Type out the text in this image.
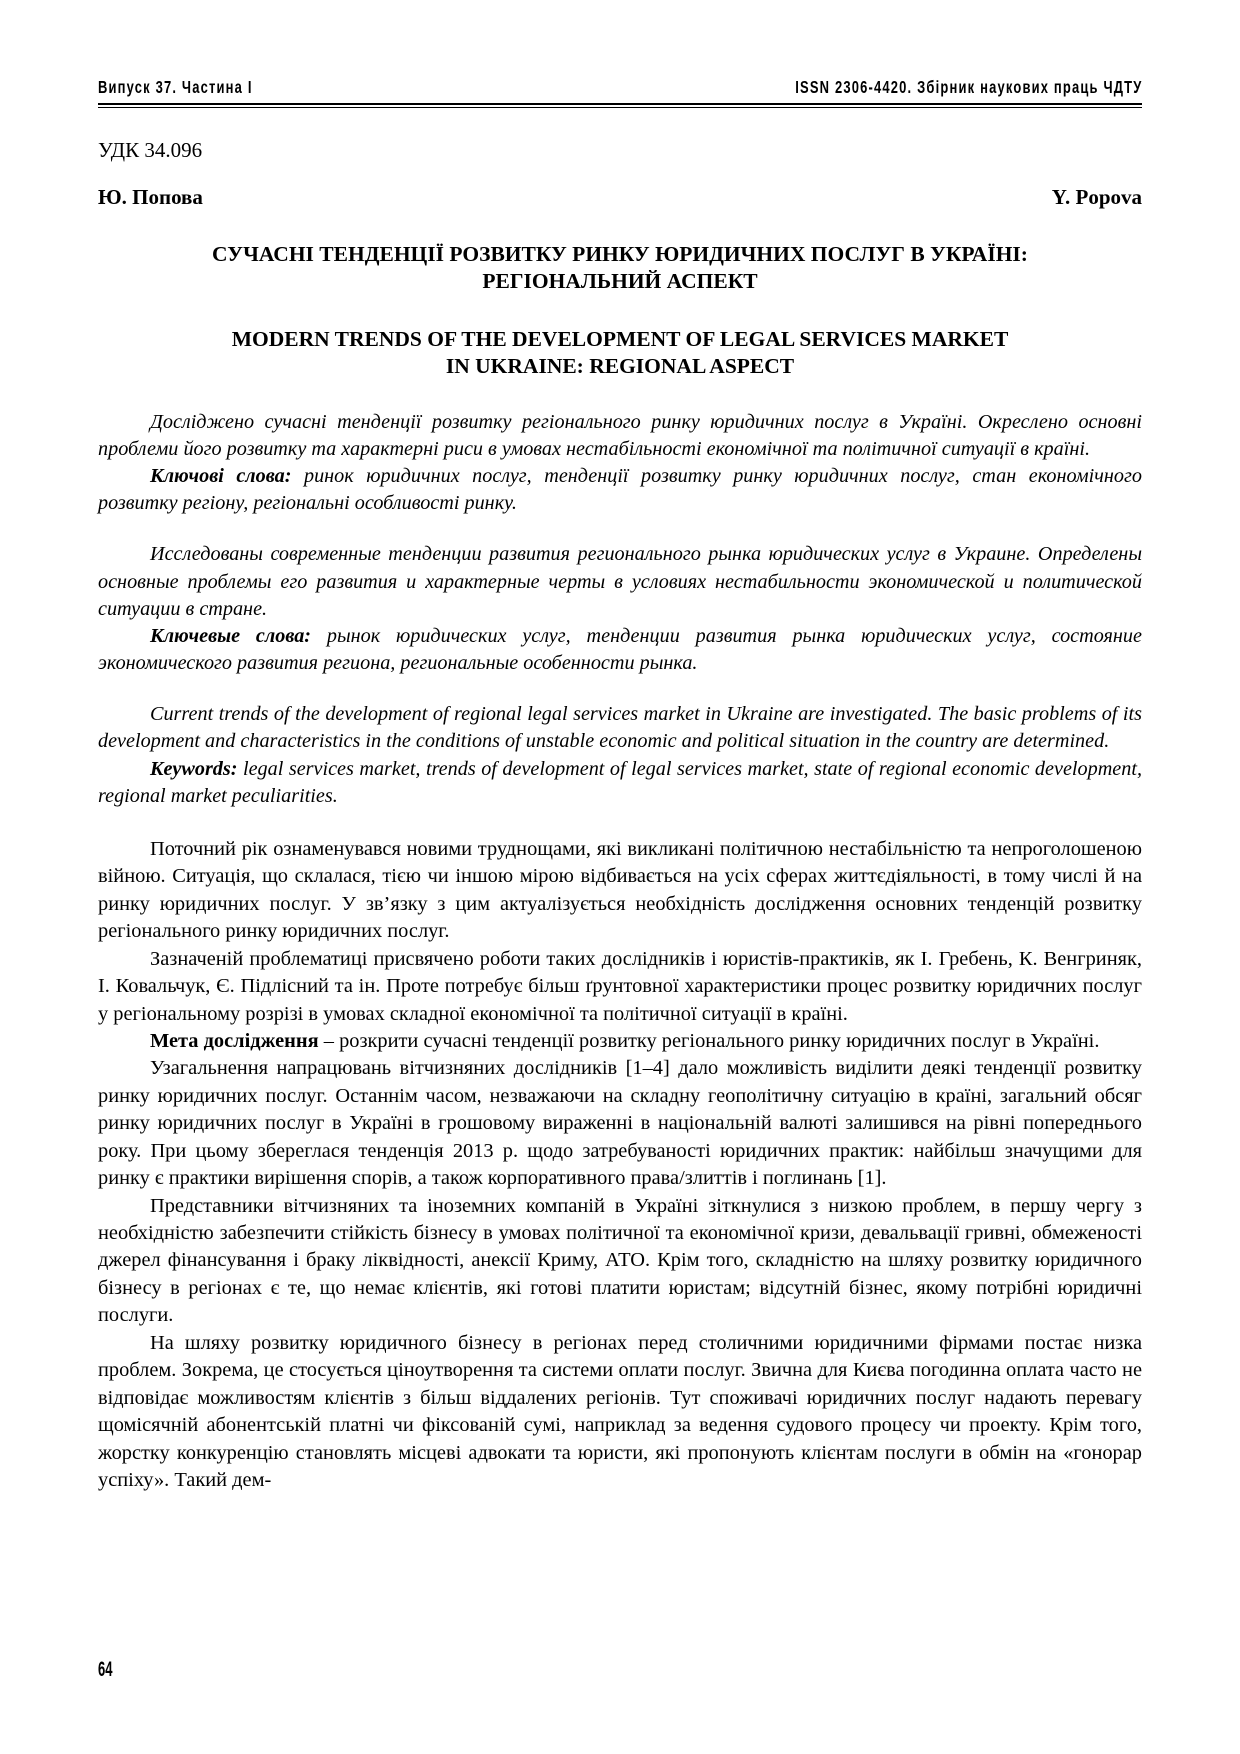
Випуск 37. Частина I	ISSN 2306-4420. Збірник наукових праць ЧДТУ
УДК 34.096
Ю. Попова	Y. Popova
СУЧАСНІ ТЕНДЕНЦІЇ РОЗВИТКУ РИНКУ ЮРИДИЧНИХ ПОСЛУГ В УКРАЇНІ:
РЕГІОНАЛЬНИЙ АСПЕКТ
MODERN TRENDS OF THE DEVELOPMENT OF LEGAL SERVICES MARKET
IN UKRAINE: REGIONAL ASPECT

Досліджено сучасні тенденції розвитку регіонального ринку юридичних послуг в Україні. Окреслено основні проблеми його розвитку та характерні риси в умовах нестабільності економічної та політичної ситуації в країні.

Ключові слова: ринок юридичних послуг, тенденції розвитку ринку юридичних послуг, стан економічного розвитку регіону, регіональні особливості ринку.

Исследованы современные тенденции развития регионального рынка юридических услуг в Украине. Определены основные проблемы его развития и характерные черты в условиях нестабильности экономической и политической ситуации в стране.

Ключевые слова: рынок юридических услуг, тенденции развития рынка юридических услуг, состояние экономического развития региона, региональные особенности рынка.

Current trends of the development of regional legal services market in Ukraine are investigated. The basic problems of its development and characteristics in the conditions of unstable economic and political situation in the country are determined.

Keywords: legal services market, trends of development of legal services market, state of regional economic development, regional market peculiarities.

Поточний рік ознаменувався новими труднощами, які викликані політичною нестабільністю та непроголошеною війною. Ситуація, що склалася, тією чи іншою мірою відбивається на усіх сферах життєдіяльності, в тому числі й на ринку юридичних послуг. У зв’язку з цим актуалізується необхідність дослідження основних тенденцій розвитку регіонального ринку юридичних послуг.

Зазначеній проблематиці присвячено роботи таких дослідників і юристів-практиків, як І. Гребень, К. Венгриняк, І. Ковальчук, Є. Підлісний та ін. Проте потребує більш ґрунтовної характеристики процес розвитку юридичних послуг у регіональному розрізі в умовах складної економічної та політичної ситуації в країні.

Мета дослідження – розкрити сучасні тенденції розвитку регіонального ринку юридичних послуг в Україні.

Узагальнення напрацювань вітчизняних дослідників [1–4] дало можливість виділити деякі тенденції розвитку ринку юридичних послуг. Останнім часом, незважаючи на складну геополітичну ситуацію в країні, загальний обсяг ринку юридичних послуг в Україні в грошовому вираженні в національній валюті залишився на рівні попереднього року. При цьому збереглася тенденція 2013 р. щодо затребуваності юридичних практик: найбільш значущими для ринку є практики вирішення спорів, а також корпоративного права/злиттів і поглинань [1].

Представники вітчизняних та іноземних компаній в Україні зіткнулися з низкою проблем, в першу чергу з необхідністю забезпечити стійкість бізнесу в умовах політичної та економічної кризи, девальвації гривні, обмеженості джерел фінансування і браку ліквідності, анексії Криму, АТО. Крім того, складністю на шляху розвитку юридичного бізнесу в регіонах є те, що немає клієнтів, які готові платити юристам; відсутній бізнес, якому потрібні юридичні послуги.

На шляху розвитку юридичного бізнесу в регіонах перед столичними юридичними фірмами постає низка проблем. Зокрема, це стосується ціноутворення та системи оплати послуг. Звична для Києва погодинна оплата часто не відповідає можливостям клієнтів з більш віддалених регіонів. Тут споживачі юридичних послуг надають перевагу щомісячній абонентській платні чи фіксованій сумі, наприклад за ведення судового процесу чи проекту. Крім того, жорстку конкуренцію становлять місцеві адвокати та юристи, які пропонують клієнтам послуги в обмін на «гонорар успіху». Такий дем-

64
